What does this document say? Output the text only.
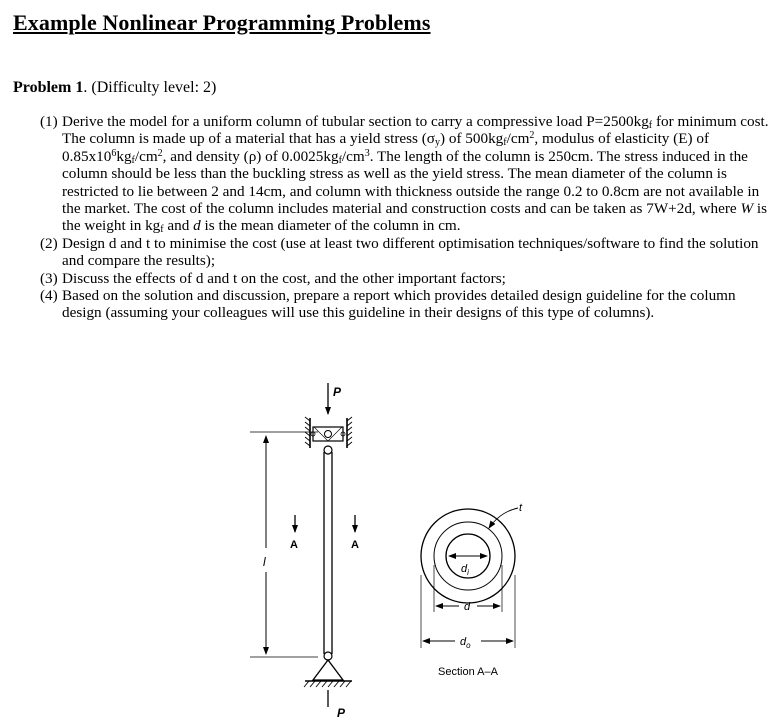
Example Nonlinear Programming Problems
Problem 1. (Difficulty level: 2)
(1) Derive the model for a uniform column of tubular section to carry a compressive load $P=2500kg_f$ for minimum cost. The column is made up of a material that has a yield stress $(\sigma_y)$ of $500kg_f/cm^2$, modulus of elasticity (E) of $0.85x10^6kg_f/cm^2$, and density (ρ) of $0.0025kg_f/cm^3$. The length of the column is 250cm. The stress induced in the column should be less than the buckling stress as well as the yield stress. The mean diameter of the column is restricted to lie between 2 and 14cm, and column with thickness outside the range 0.2 to 0.8cm are not available in the market. The cost of the column includes material and construction costs and can be taken as 7W+2d, where W is the weight in $kg_f$ and d is the mean diameter of the column in cm.
(2) Design d and t to minimise the cost (use at least two different optimisation techniques/software to find the solution and compare the results);
(3) Discuss the effects of d and t on the cost, and the other important factors;
(4) Based on the solution and discussion, prepare a report which provides detailed design guideline for the column design (assuming your colleagues will use this guideline in their designs of this type of columns).
P
P
l
A	A
t
$d_i$
d
$d_o$
Section A–A
